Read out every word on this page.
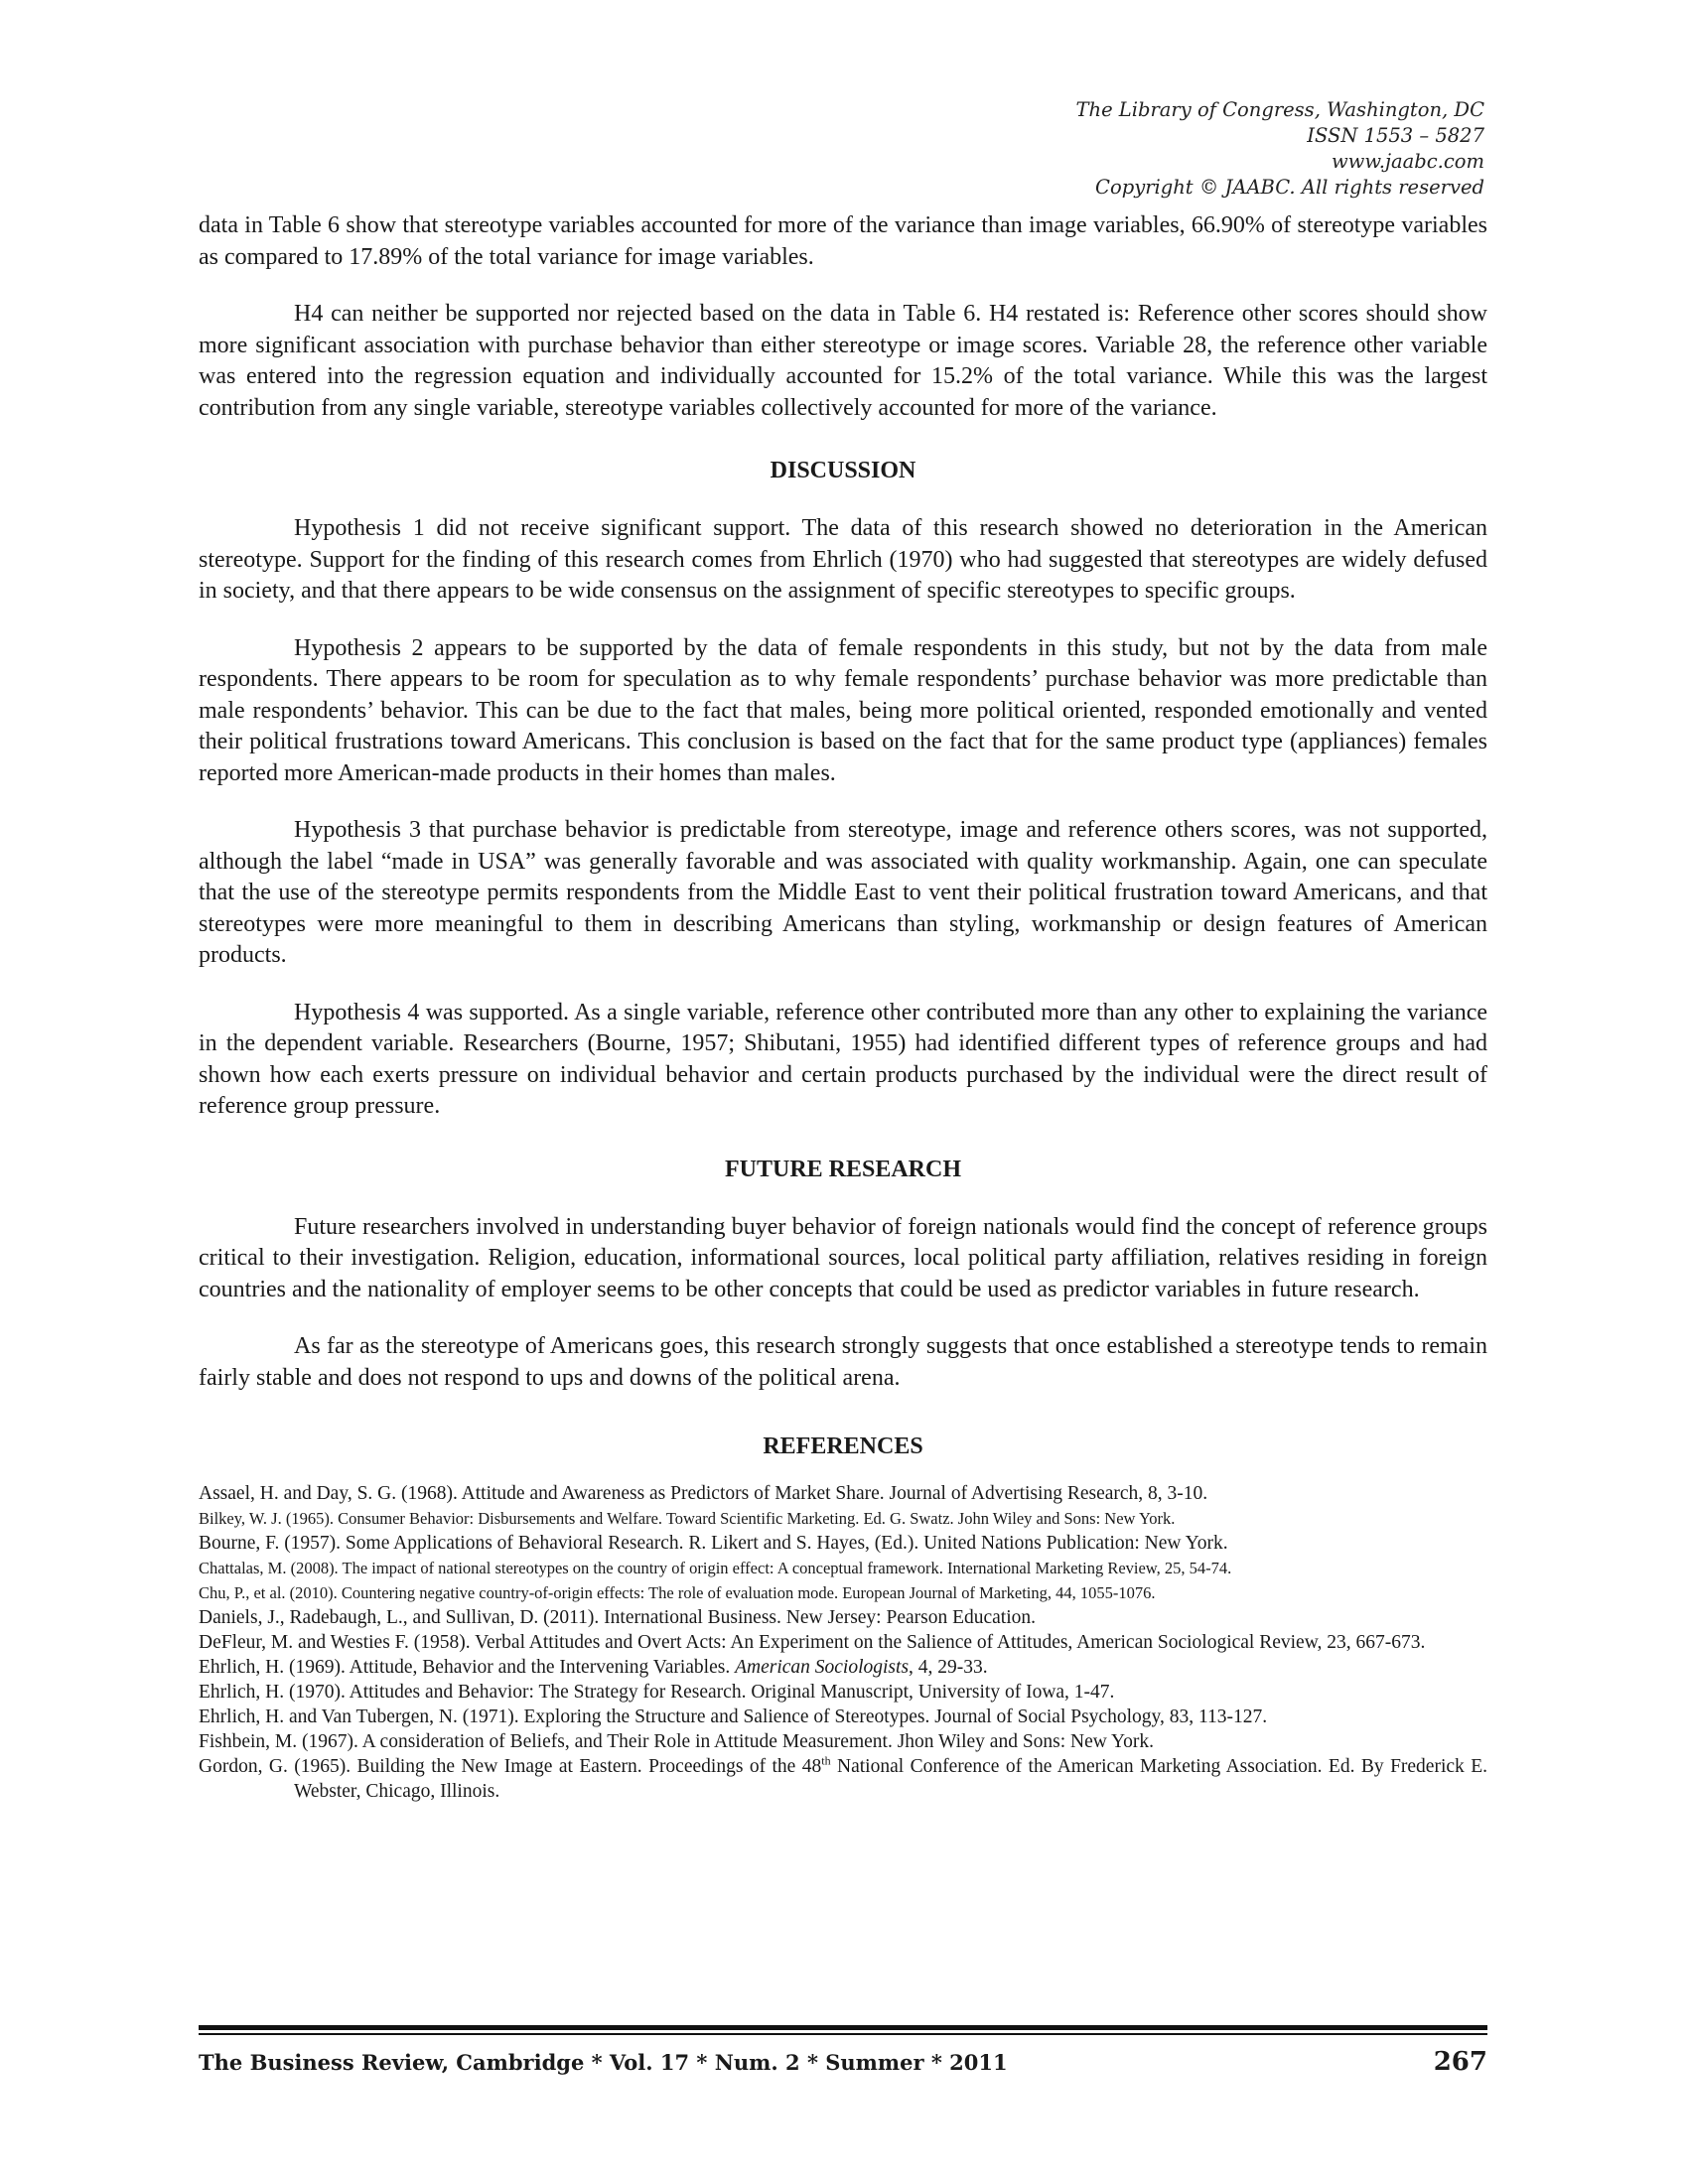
The Library of Congress, Washington, DC
ISSN 1553 – 5827
www.jaabc.com
Copyright © JAABC. All rights reserved

data in Table 6 show that stereotype variables accounted for more of the variance than image variables, 66.90% of stereotype variables as compared to 17.89% of the total variance for image variables.

H4 can neither be supported nor rejected based on the data in Table 6. H4 restated is: Reference other scores should show more significant association with purchase behavior than either stereotype or image scores. Variable 28, the reference other variable was entered into the regression equation and individually accounted for 15.2% of the total variance. While this was the largest contribution from any single variable, stereotype variables collectively accounted for more of the variance.

DISCUSSION

Hypothesis 1 did not receive significant support. The data of this research showed no deterioration in the American stereotype. Support for the finding of this research comes from Ehrlich (1970) who had suggested that stereotypes are widely defused in society, and that there appears to be wide consensus on the assignment of specific stereotypes to specific groups.

Hypothesis 2 appears to be supported by the data of female respondents in this study, but not by the data from male respondents. There appears to be room for speculation as to why female respondents’ purchase behavior was more predictable than male respondents’ behavior. This can be due to the fact that males, being more political oriented, responded emotionally and vented their political frustrations toward Americans. This conclusion is based on the fact that for the same product type (appliances) females reported more American-made products in their homes than males.

Hypothesis 3 that purchase behavior is predictable from stereotype, image and reference others scores, was not supported, although the label “made in USA” was generally favorable and was associated with quality workmanship. Again, one can speculate that the use of the stereotype permits respondents from the Middle East to vent their political frustration toward Americans, and that stereotypes were more meaningful to them in describing Americans than styling, workmanship or design features of American products.

Hypothesis 4 was supported. As a single variable, reference other contributed more than any other to explaining the variance in the dependent variable. Researchers (Bourne, 1957; Shibutani, 1955) had identified different types of reference groups and had shown how each exerts pressure on individual behavior and certain products purchased by the individual were the direct result of reference group pressure.

FUTURE RESEARCH

Future researchers involved in understanding buyer behavior of foreign nationals would find the concept of reference groups critical to their investigation. Religion, education, informational sources, local political party affiliation, relatives residing in foreign countries and the nationality of employer seems to be other concepts that could be used as predictor variables in future research.

As far as the stereotype of Americans goes, this research strongly suggests that once established a stereotype tends to remain fairly stable and does not respond to ups and downs of the political arena.

REFERENCES
Assael, H. and Day, S. G. (1968). Attitude and Awareness as Predictors of Market Share. Journal of Advertising Research, 8, 3-10.
Bilkey, W. J. (1965). Consumer Behavior: Disbursements and Welfare. Toward Scientific Marketing. Ed. G. Swatz. John Wiley and Sons: New York.
Bourne, F. (1957). Some Applications of Behavioral Research. R. Likert and S. Hayes, (Ed.). United Nations Publication: New York.
Chattalas, M. (2008). The impact of national stereotypes on the country of origin effect: A conceptual framework. International Marketing Review, 25, 54-74.
Chu, P., et al. (2010). Countering negative country-of-origin effects: The role of evaluation mode. European Journal of Marketing, 44, 1055-1076.
Daniels, J., Radebaugh, L., and Sullivan, D. (2011). International Business. New Jersey: Pearson Education.
DeFleur, M. and Westies F. (1958). Verbal Attitudes and Overt Acts: An Experiment on the Salience of Attitudes, American Sociological Review, 23, 667-673.
Ehrlich, H. (1969). Attitude, Behavior and the Intervening Variables. American Sociologists, 4, 29-33.
Ehrlich, H. (1970). Attitudes and Behavior: The Strategy for Research. Original Manuscript, University of Iowa, 1-47.
Ehrlich, H. and Van Tubergen, N. (1971). Exploring the Structure and Salience of Stereotypes. Journal of Social Psychology, 83, 113-127.
Fishbein, M. (1967). A consideration of Beliefs, and Their Role in Attitude Measurement. Jhon Wiley and Sons: New York.
Gordon, G. (1965). Building the New Image at Eastern. Proceedings of the 48th National Conference of the American Marketing Association. Ed. By Frederick E. Webster, Chicago, Illinois.
The Business Review, Cambridge * Vol. 17 * Num. 2 * Summer * 2011	267
